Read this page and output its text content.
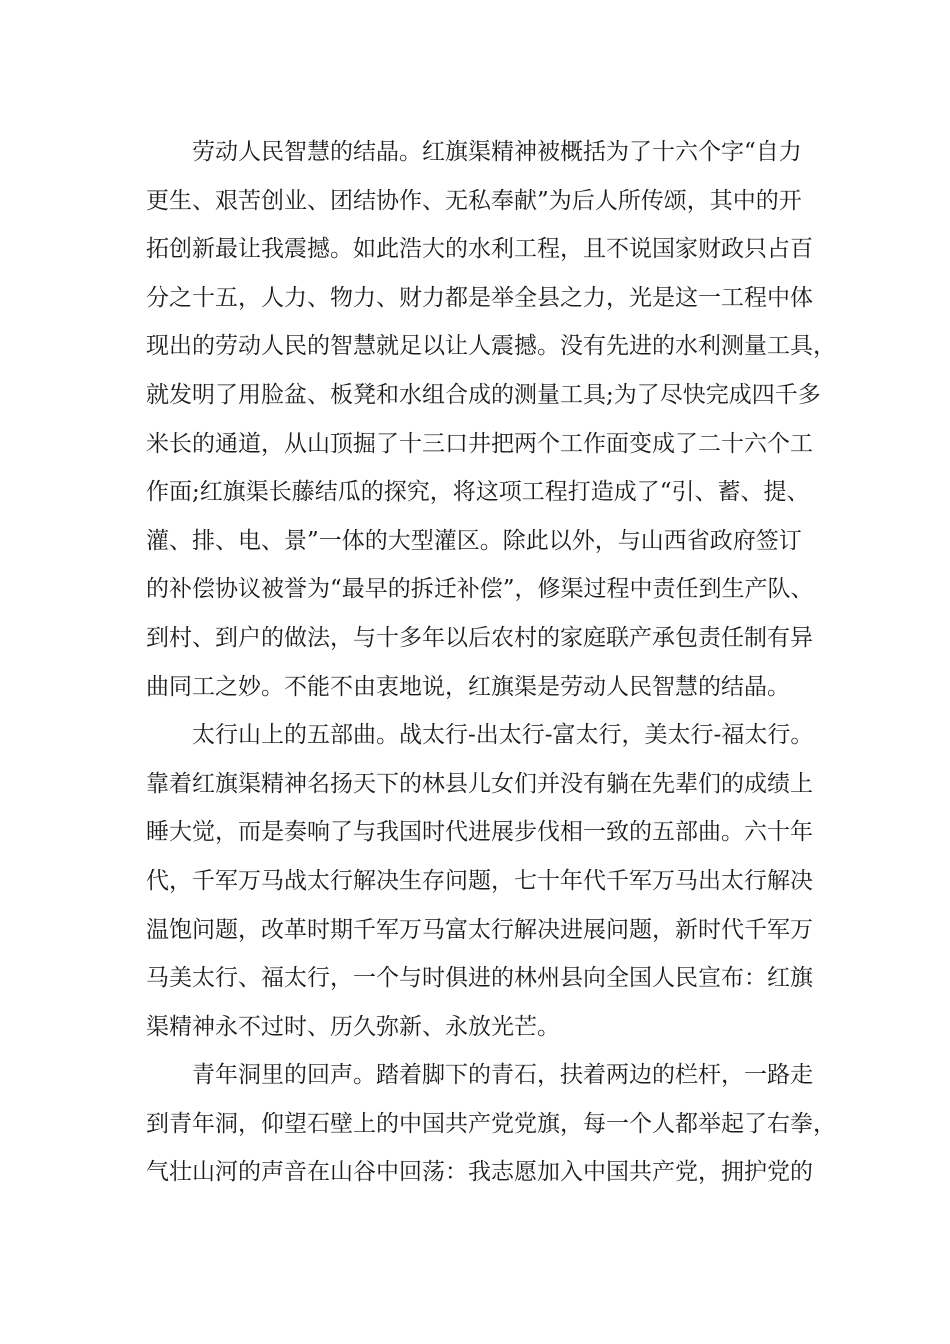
劳动人民智慧的结晶。红旗渠精神被概括为了十六个字“自力
更生、艰苦创业、团结协作、无私奉献”为后人所传颂，其中的开
拓创新最让我震撼。如此浩大的水利工程，且不说国家财政只占百
分之十五，人力、物力、财力都是举全县之力，光是这一工程中体
现出的劳动人民的智慧就足以让人震撼。没有先进的水利测量工具，
就发明了用脸盆、板凳和水组合成的测量工具;为了尽快完成四千多
米长的通道，从山顶掘了十三口井把两个工作面变成了二十六个工
作面;红旗渠长藤结瓜的探究，将这项工程打造成了“引、蓄、提、
灌、排、电、景”一体的大型灌区。除此以外，与山西省政府签订
的补偿协议被誉为“最早的拆迁补偿”，修渠过程中责任到生产队、
到村、到户的做法，与十多年以后农村的家庭联产承包责任制有异
曲同工之妙。不能不由衷地说，红旗渠是劳动人民智慧的结晶。
太行山上的五部曲。战太行-出太行-富太行，美太行-福太行。
靠着红旗渠精神名扬天下的林县儿女们并没有躺在先辈们的成绩上
睡大觉，而是奏响了与我国时代进展步伐相一致的五部曲。六十年
代，千军万马战太行解决生存问题，七十年代千军万马出太行解决
温饱问题，改革时期千军万马富太行解决进展问题，新时代千军万
马美太行、福太行，一个与时俱进的林州县向全国人民宣布：红旗
渠精神永不过时、历久弥新、永放光芒。
青年洞里的回声。踏着脚下的青石，扶着两边的栏杆，一路走
到青年洞，仰望石壁上的中国共产党党旗，每一个人都举起了右拳，
气壮山河的声音在山谷中回荡：我志愿加入中国共产党，拥护党的
